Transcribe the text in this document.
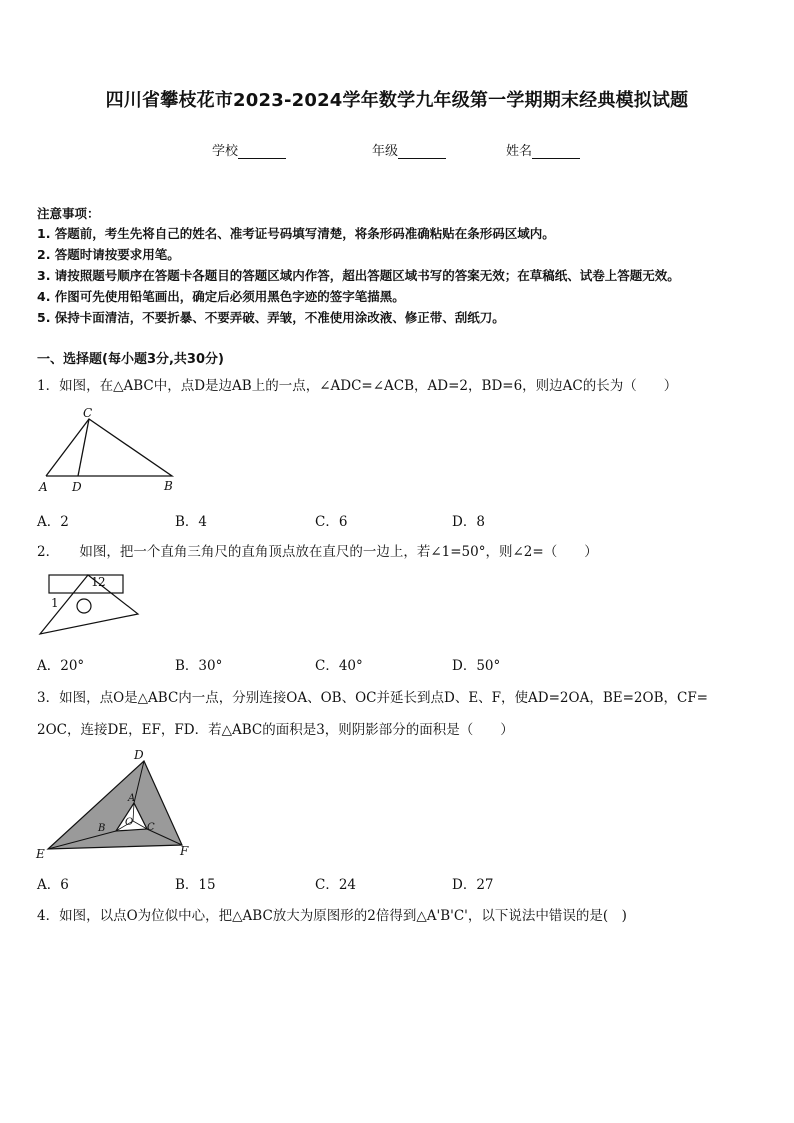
四川省攀枝花市2023-2024学年数学九年级第一学期期末经典模拟试题
学校	年级	姓名
注意事项：
1. 答题前，考生先将自己的姓名、准考证号码填写清楚，将条形码准确粘贴在条形码区域内。
2. 答题时请按要求用笔。
3. 请按照题号顺序在答题卡各题目的答题区域内作答，超出答题区域书写的答案无效；在草稿纸、试卷上答题无效。
4. 作图可先使用铅笔画出，确定后必须用黑色字迹的签字笔描黑。
5. 保持卡面清洁，不要折暴、不要弄破、弄皱，不准使用涂改液、修正带、刮纸刀。
一、选择题(每小题3分,共30分)
1．如图，在△ABC中，点D是边AB上的一点，∠ADC=∠ACB，AD=2，BD=6，则边AC的长为（　　）
C
A D	B
A．2	B．4	C．6	D．8
2．　　如图，把一个直角三角尺的直角顶点放在直尺的一边上，若∠1=50°，则∠2=（　　）
1 2
1
A．20°	B．30°	C．40°	D．50°
3．如图，点O是△ABC内一点，分别连接OA、OB、OC并延长到点D、E、F，使AD=2OA，BE=2OB，CF=
2OC，连接DE，EF，FD．若△ABC的面积是3，则阴影部分的面积是（　　）
D
A
B	C
O
E	F
A．6	B．15	C．24	D．27
4．如图，以点O为位似中心，把△ABC放大为原图形的2倍得到△A'B'C'，以下说法中错误的是(　)
